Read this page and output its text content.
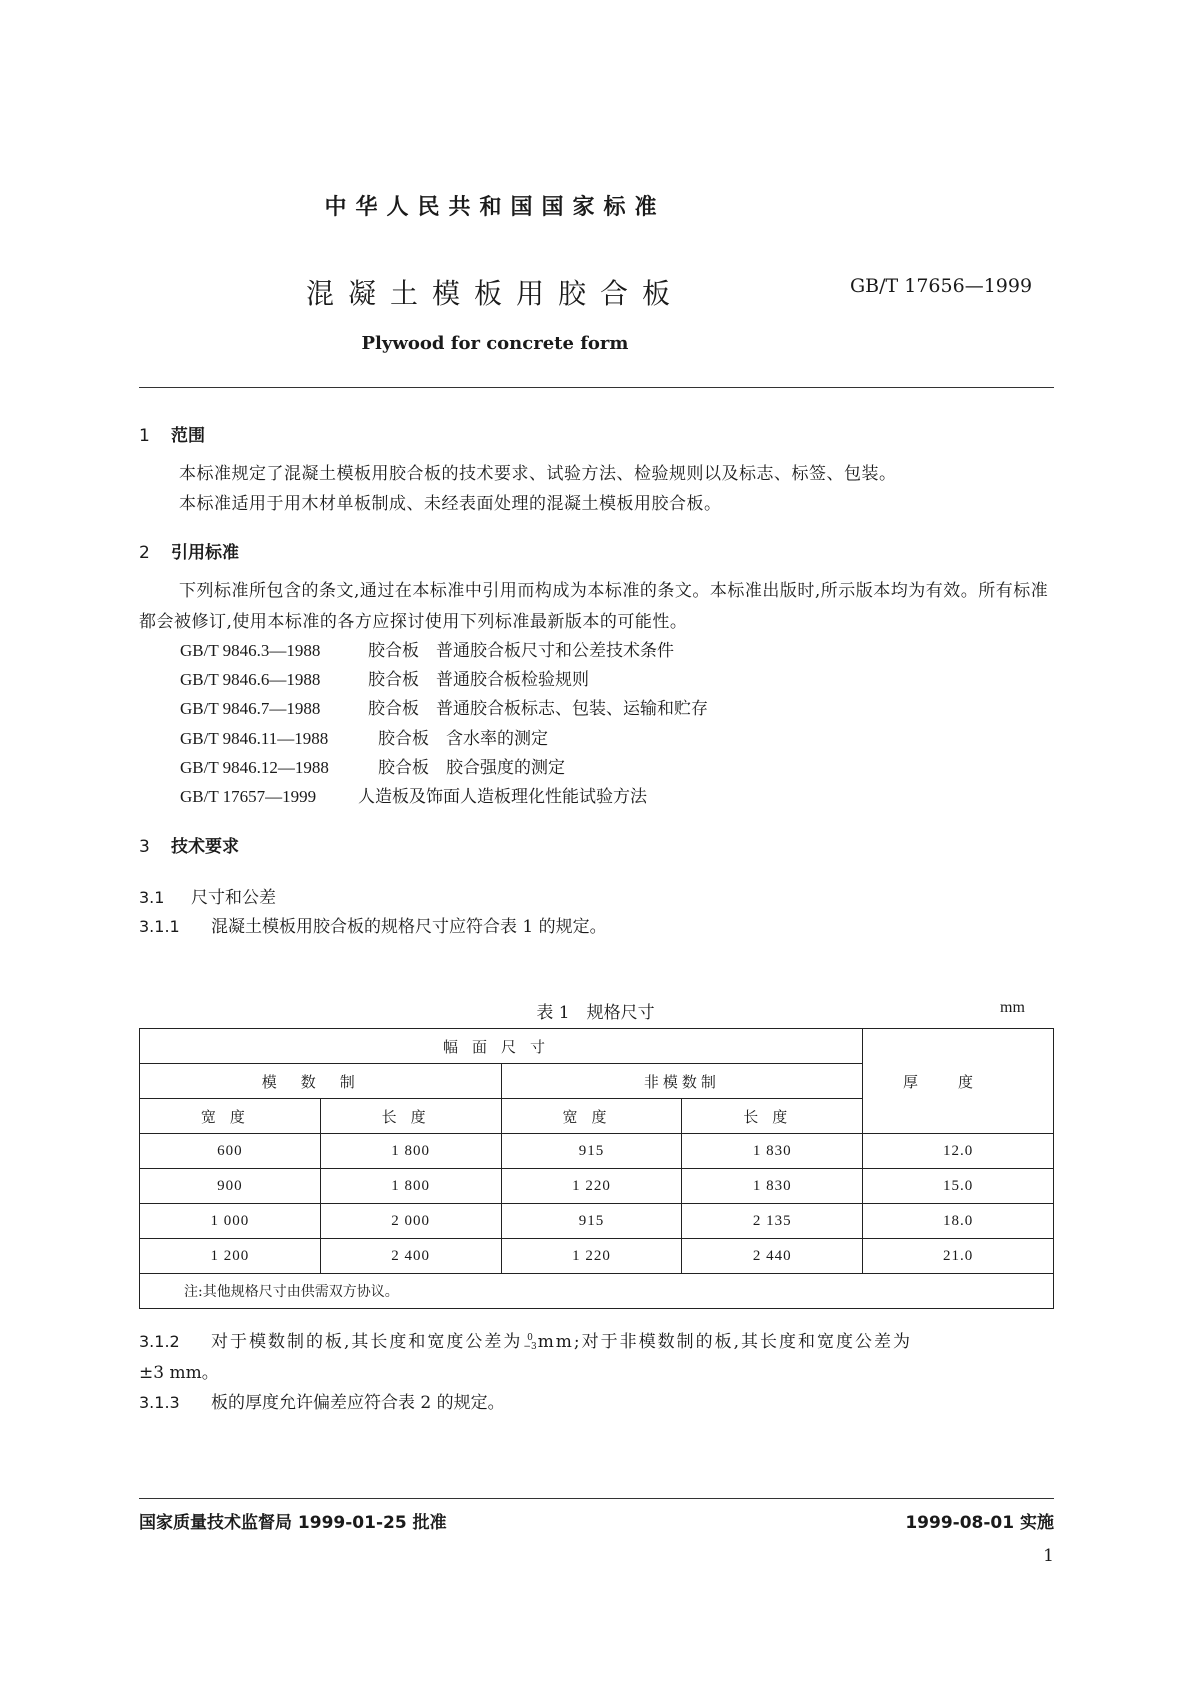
中华人民共和国国家标准
混凝土模板用胶合板	GB/T 17656—1999
Plywood for concrete form
1 范围
本标准规定了混凝土模板用胶合板的技术要求、试验方法、检验规则以及标志、标签、包装。
本标准适用于用木材单板制成、未经表面处理的混凝土模板用胶合板。
2 引用标准
下列标准所包含的条文,通过在本标准中引用而构成为本标准的条文。本标准出版时,所示版本均为有效。所有标准都会被修订,使用本标准的各方应探讨使用下列标准最新版本的可能性。
GB/T 9846.3—1988	胶合板　普通胶合板尺寸和公差技术条件
GB/T 9846.6—1988	胶合板　普通胶合板检验规则
GB/T 9846.7—1988	胶合板　普通胶合板标志、包装、运输和贮存
GB/T 9846.11—1988	胶合板　含水率的测定
GB/T 9846.12—1988	胶合板　胶合强度的测定
GB/T 17657—1999 人造板及饰面人造板理化性能试验方法
3 技术要求
3.1 尺寸和公差
3.1.1 混凝土模板用胶合板的规格尺寸应符合表 1 的规定。
表 1　规格尺寸	mm
幅面尺寸				厚度
模数制		非模数制		
宽度	长度	宽度	长度	
600	1 800	915	1 830	12.0
900	1 800	1 220	1 830	15.0
1 000	2 000	915	2 135	18.0
1 200	2 400	1 220	2 440	21.0
注:其他规格尺寸由供需双方协议。				
3.1.2 对于模数制的板,其长度和宽度公差为 0
−3 mm;对于非模数制的板,其长度和宽度公差为
±3 mm。
3.1.3 板的厚度允许偏差应符合表 2 的规定。
国家质量技术监督局 1999-01-25 批准	1999-08-01 实施
1
